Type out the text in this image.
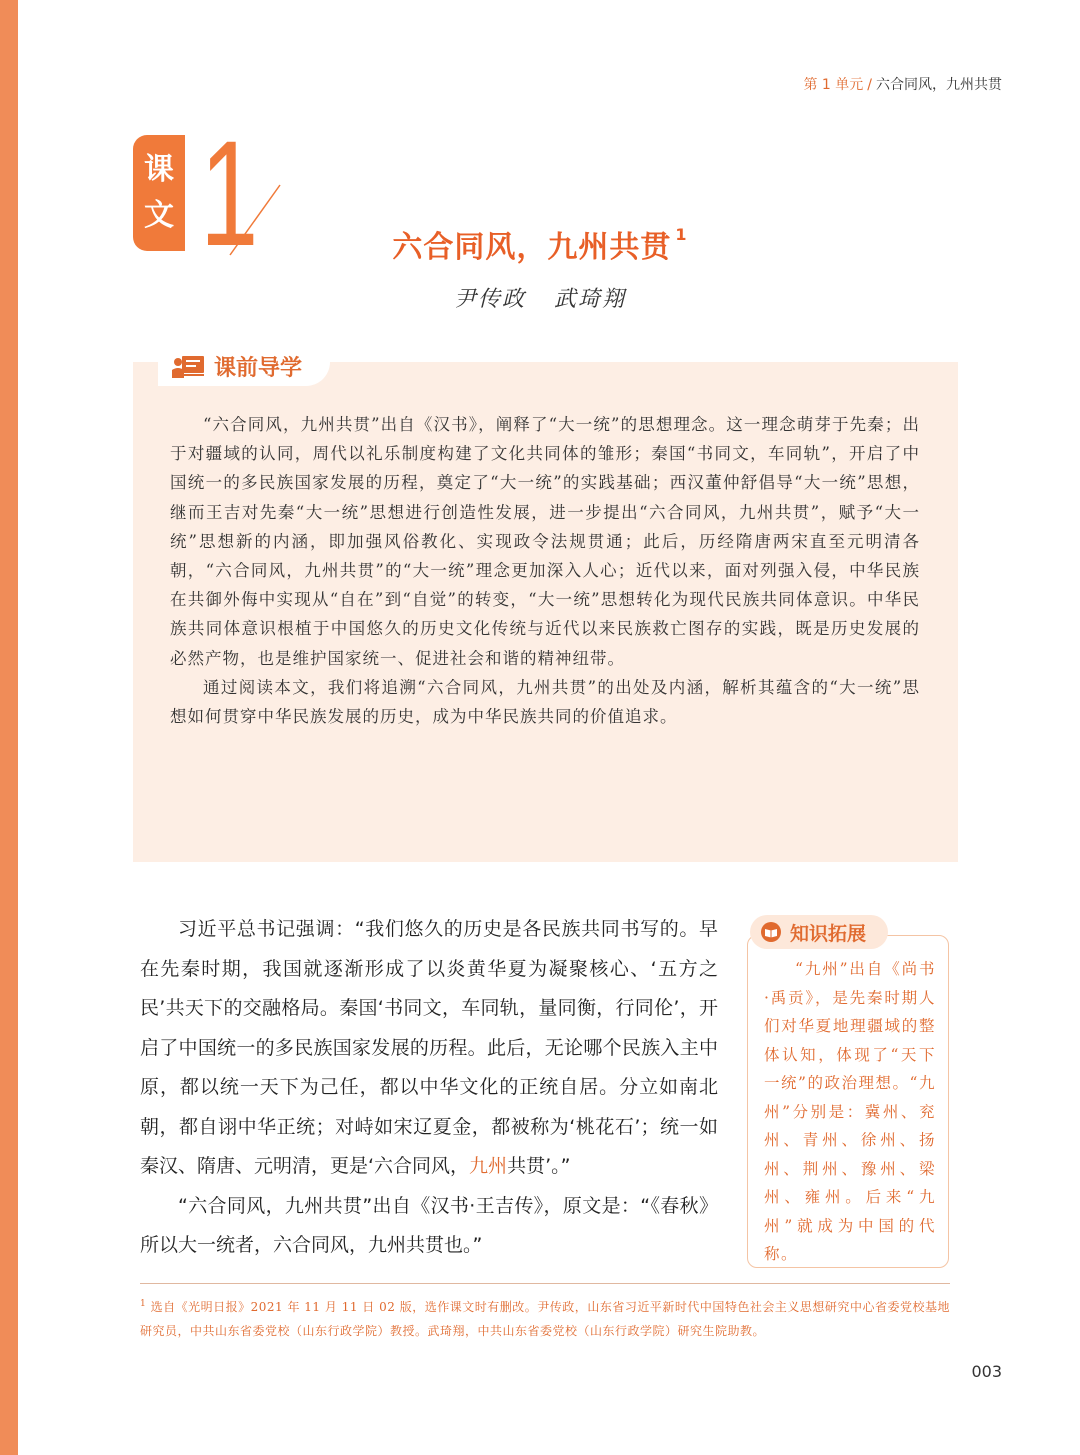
第 1 单元 / 六合同风，九州共贯
课文 1	六合同风，九州共贯 $^1$
尹传政 武琦翔
课前导学

“六合同风，九州共贯”出自《汉书》，阐释了“大一统”的思想理念。这一理念萌芽于先秦；出于对疆域的认同，周代以礼乐制度构建了文化共同体的雏形；秦国“书同文，车同轨”，开启了中国统一的多民族国家发展的历程，奠定了“大一统”的实践基础；西汉董仲舒倡导“大一统”思想，继而王吉对先秦“大一统”思想进行创造性发展，进一步提出“六合同风，九州共贯”，赋予“大一统”思想新的内涵，即加强风俗教化、实现政令法规贯通；此后，历经隋唐两宋直至元明清各朝，“六合同风，九州共贯”的“大一统”理念更加深入人心；近代以来，面对列强入侵，中华民族在共御外侮中实现从“自在”到“自觉”的转变，“大一统”思想转化为现代民族共同体意识。中华民族共同体意识根植于中国悠久的历史文化传统与近代以来民族救亡图存的实践，既是历史发展的必然产物，也是维护国家统一、促进社会和谐的精神纽带。

通过阅读本文，我们将追溯“六合同风，九州共贯”的出处及内涵，解析其蕴含的“大一统”思想如何贯穿中华民族发展的历史，成为中华民族共同的价值追求。

习近平总书记强调：“我们悠久的历史是各民族共同书写的。早在先秦时期，我国就逐渐形成了以炎黄华夏为凝聚核心、‘五方之民’共天下的交融格局。秦国‘书同文，车同轨，量同衡，行同伦’，开启了中国统一的多民族国家发展的历程。此后，无论哪个民族入主中原，都以统一天下为己任，都以中华文化的正统自居。分立如南北朝，都自诩中华正统；对峙如宋辽夏金，都被称为‘桃花石’；统一如秦汉、隋唐、元明清，更是‘六合同风，九州共贯’。”

“六合同风，九州共贯”出自《汉书·王吉传》，原文是：“《春秋》所以大一统者，六合同风，九州共贯也。”

知识拓展

“九州”出自《尚书·禹贡》，是先秦时期人们对华夏地理疆域的整体认知，体现了“天下一统”的政治理想。“九州”分别是：冀州、兖州、青州、徐州、扬州、荆州、豫州、梁州、雍州。后来“九州”就成为中国的代称。

$^1$ 选自《光明日报》2021 年 11 月 11 日 02 版，选作课文时有删改。尹传政，山东省习近平新时代中国特色社会主义思想研究中心省委党校基地研究员，中共山东省委党校（山东行政学院）教授。武琦翔，中共山东省委党校（山东行政学院）研究生院助教。
003
